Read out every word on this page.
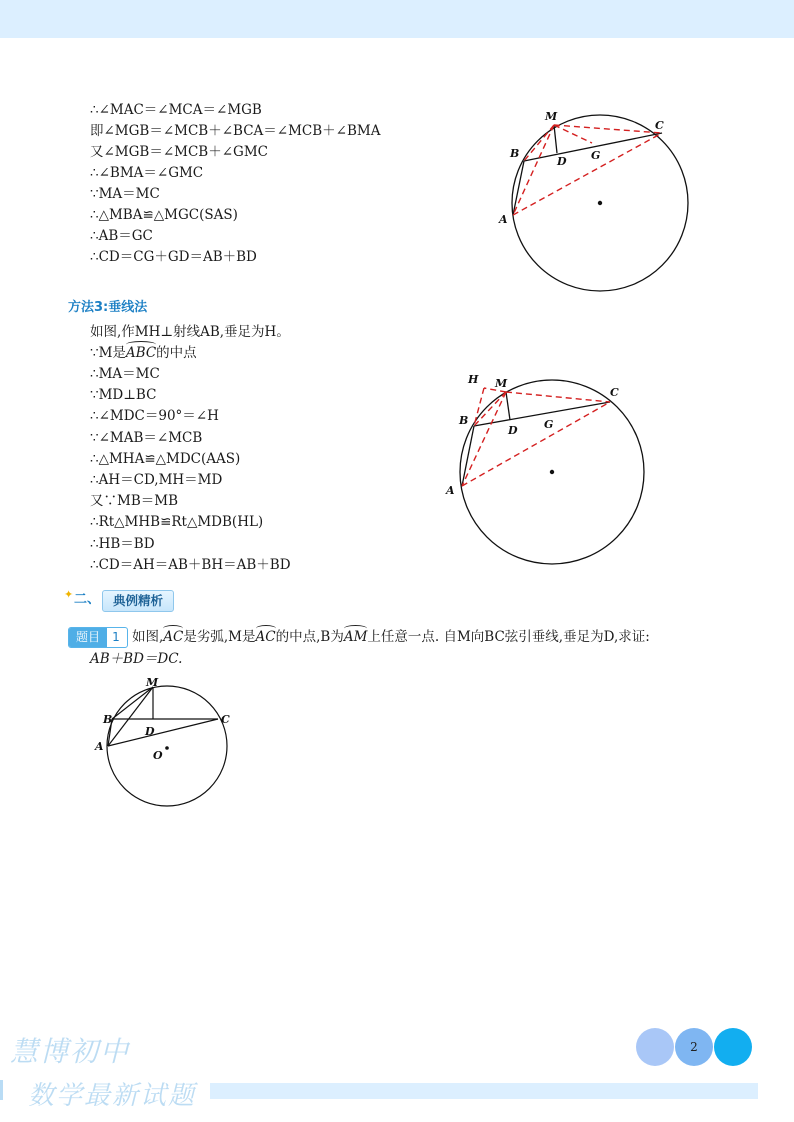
∴∠MAC＝∠MCA＝∠MGB
即∠MGB＝∠MCB＋∠BCA＝∠MCB＋∠BMA
又∠MGB＝∠MCB＋∠GMC
∴∠BMA＝∠GMC
∵MA＝MC
∴△MBA≌△MGC(SAS)
∴AB＝GC
∴CD＝CG＋GD＝AB＋BD
M
C
B
D G
A
方法3:垂线法
如图,作MH⊥射线AB,垂足为H。
∵M是ABC的中点
∴MA＝MC
∵MD⊥BC
∴∠MDC＝90°＝∠H
∵∠MAB＝∠MCB
∴△MHA≌△MDC(AAS)
∴AH＝CD,MH＝MD
又∵MB＝MB
∴Rt△MHB≌Rt△MDB(HL)
∴HB＝BD
∴CD＝AH＝AB＋BH＝AB＋BD
H M
C
B
D G
A
✦ 二、	典例精析
题目 1 如图,AC是劣弧,M是AC的中点,B为AM上任意一点. 自M向BC弦引垂线,垂足为D,求证:
AB＋BD＝DC.
M
B	C
D
A
O
慧博初中
数学最新试题
2
